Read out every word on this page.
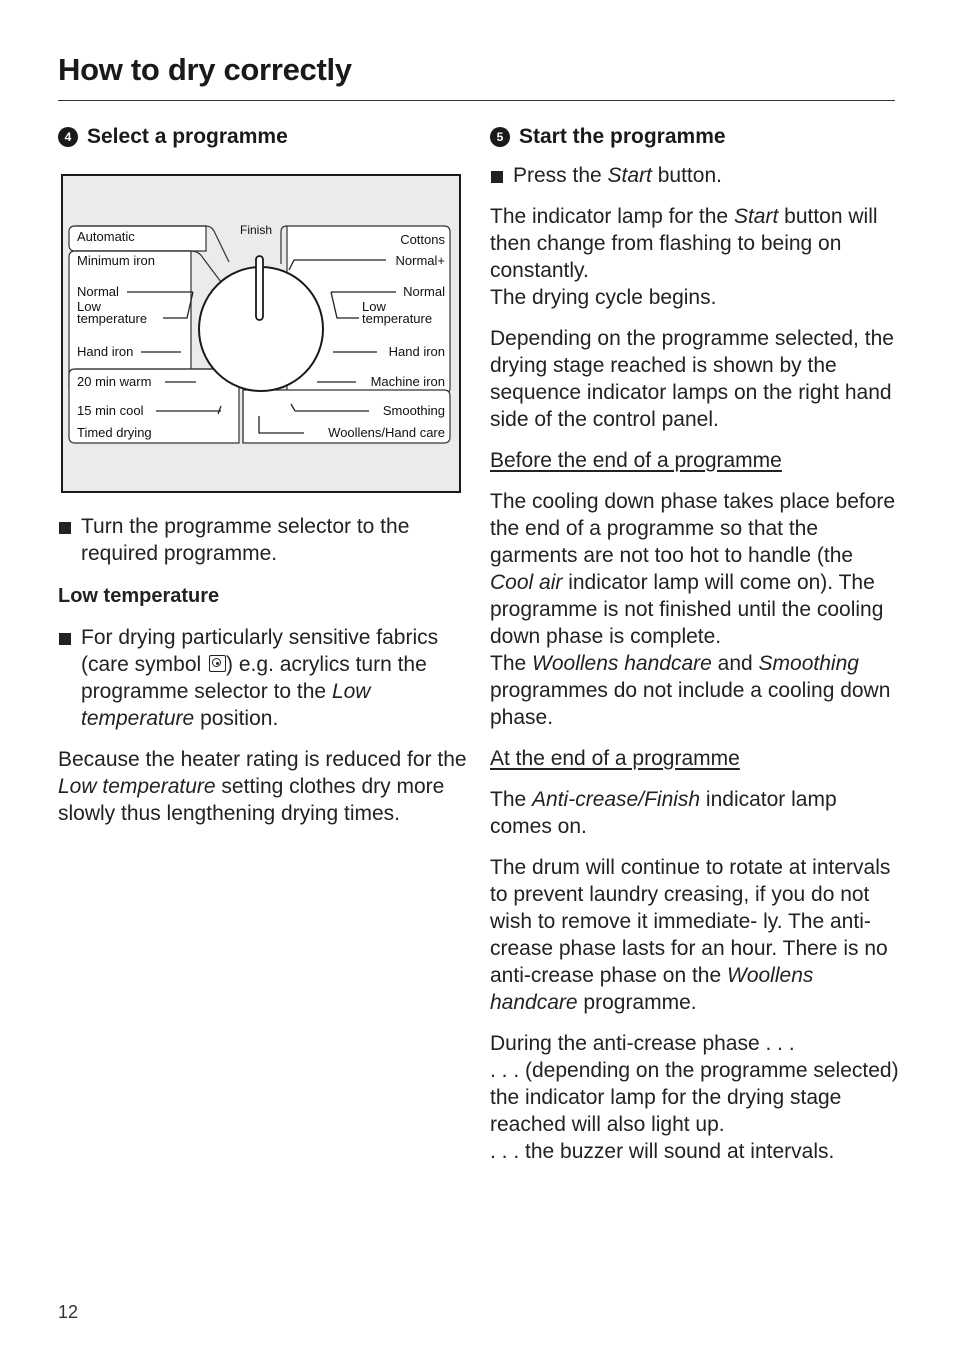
How to dry correctly
4 Select a programme
Finish
Automatic
Minimum iron
Normal
Low
temperature
Hand iron
20 min warm
15 min cool
Timed drying
Cottons
Normal+
Normal
Low
temperature
Hand iron
Machine iron
Smoothing
Woollens/Hand care
Turn the programme selector to the required programme.
Low temperature
For drying particularly sensitive fabrics (care symbol ) e.g. acrylics turn the programme selector to the Low temperature position.
Because the heater rating is reduced for the Low temperature setting clothes dry more slowly thus lengthening drying times.
5 Start the programme
Press the Start button.
The indicator lamp for the Start button will then change from flashing to being on constantly.
The drying cycle begins.
Depending on the programme selected, the drying stage reached is shown by the sequence indicator lamps on the right hand side of the control panel.
Before the end of a programme
The cooling down phase takes place before the end of a programme so that the garments are not too hot to handle (the Cool air indicator lamp will come on). The programme is not finished until the cooling down phase is complete.
The Woollens handcare and Smoothing programmes do not include a cooling down phase.
At the end of a programme
The Anti-crease/Finish indicator lamp comes on.
The drum will continue to rotate at intervals to prevent laundry creasing, if you do not wish to remove it immediate- ly. The anti-crease phase lasts for an hour. There is no anti-crease phase on the Woollens handcare programme.
During the anti-crease phase . . .
. . . (depending on the programme selected) the indicator lamp for the drying stage reached will also light up.
. . . the buzzer will sound at intervals.
12
